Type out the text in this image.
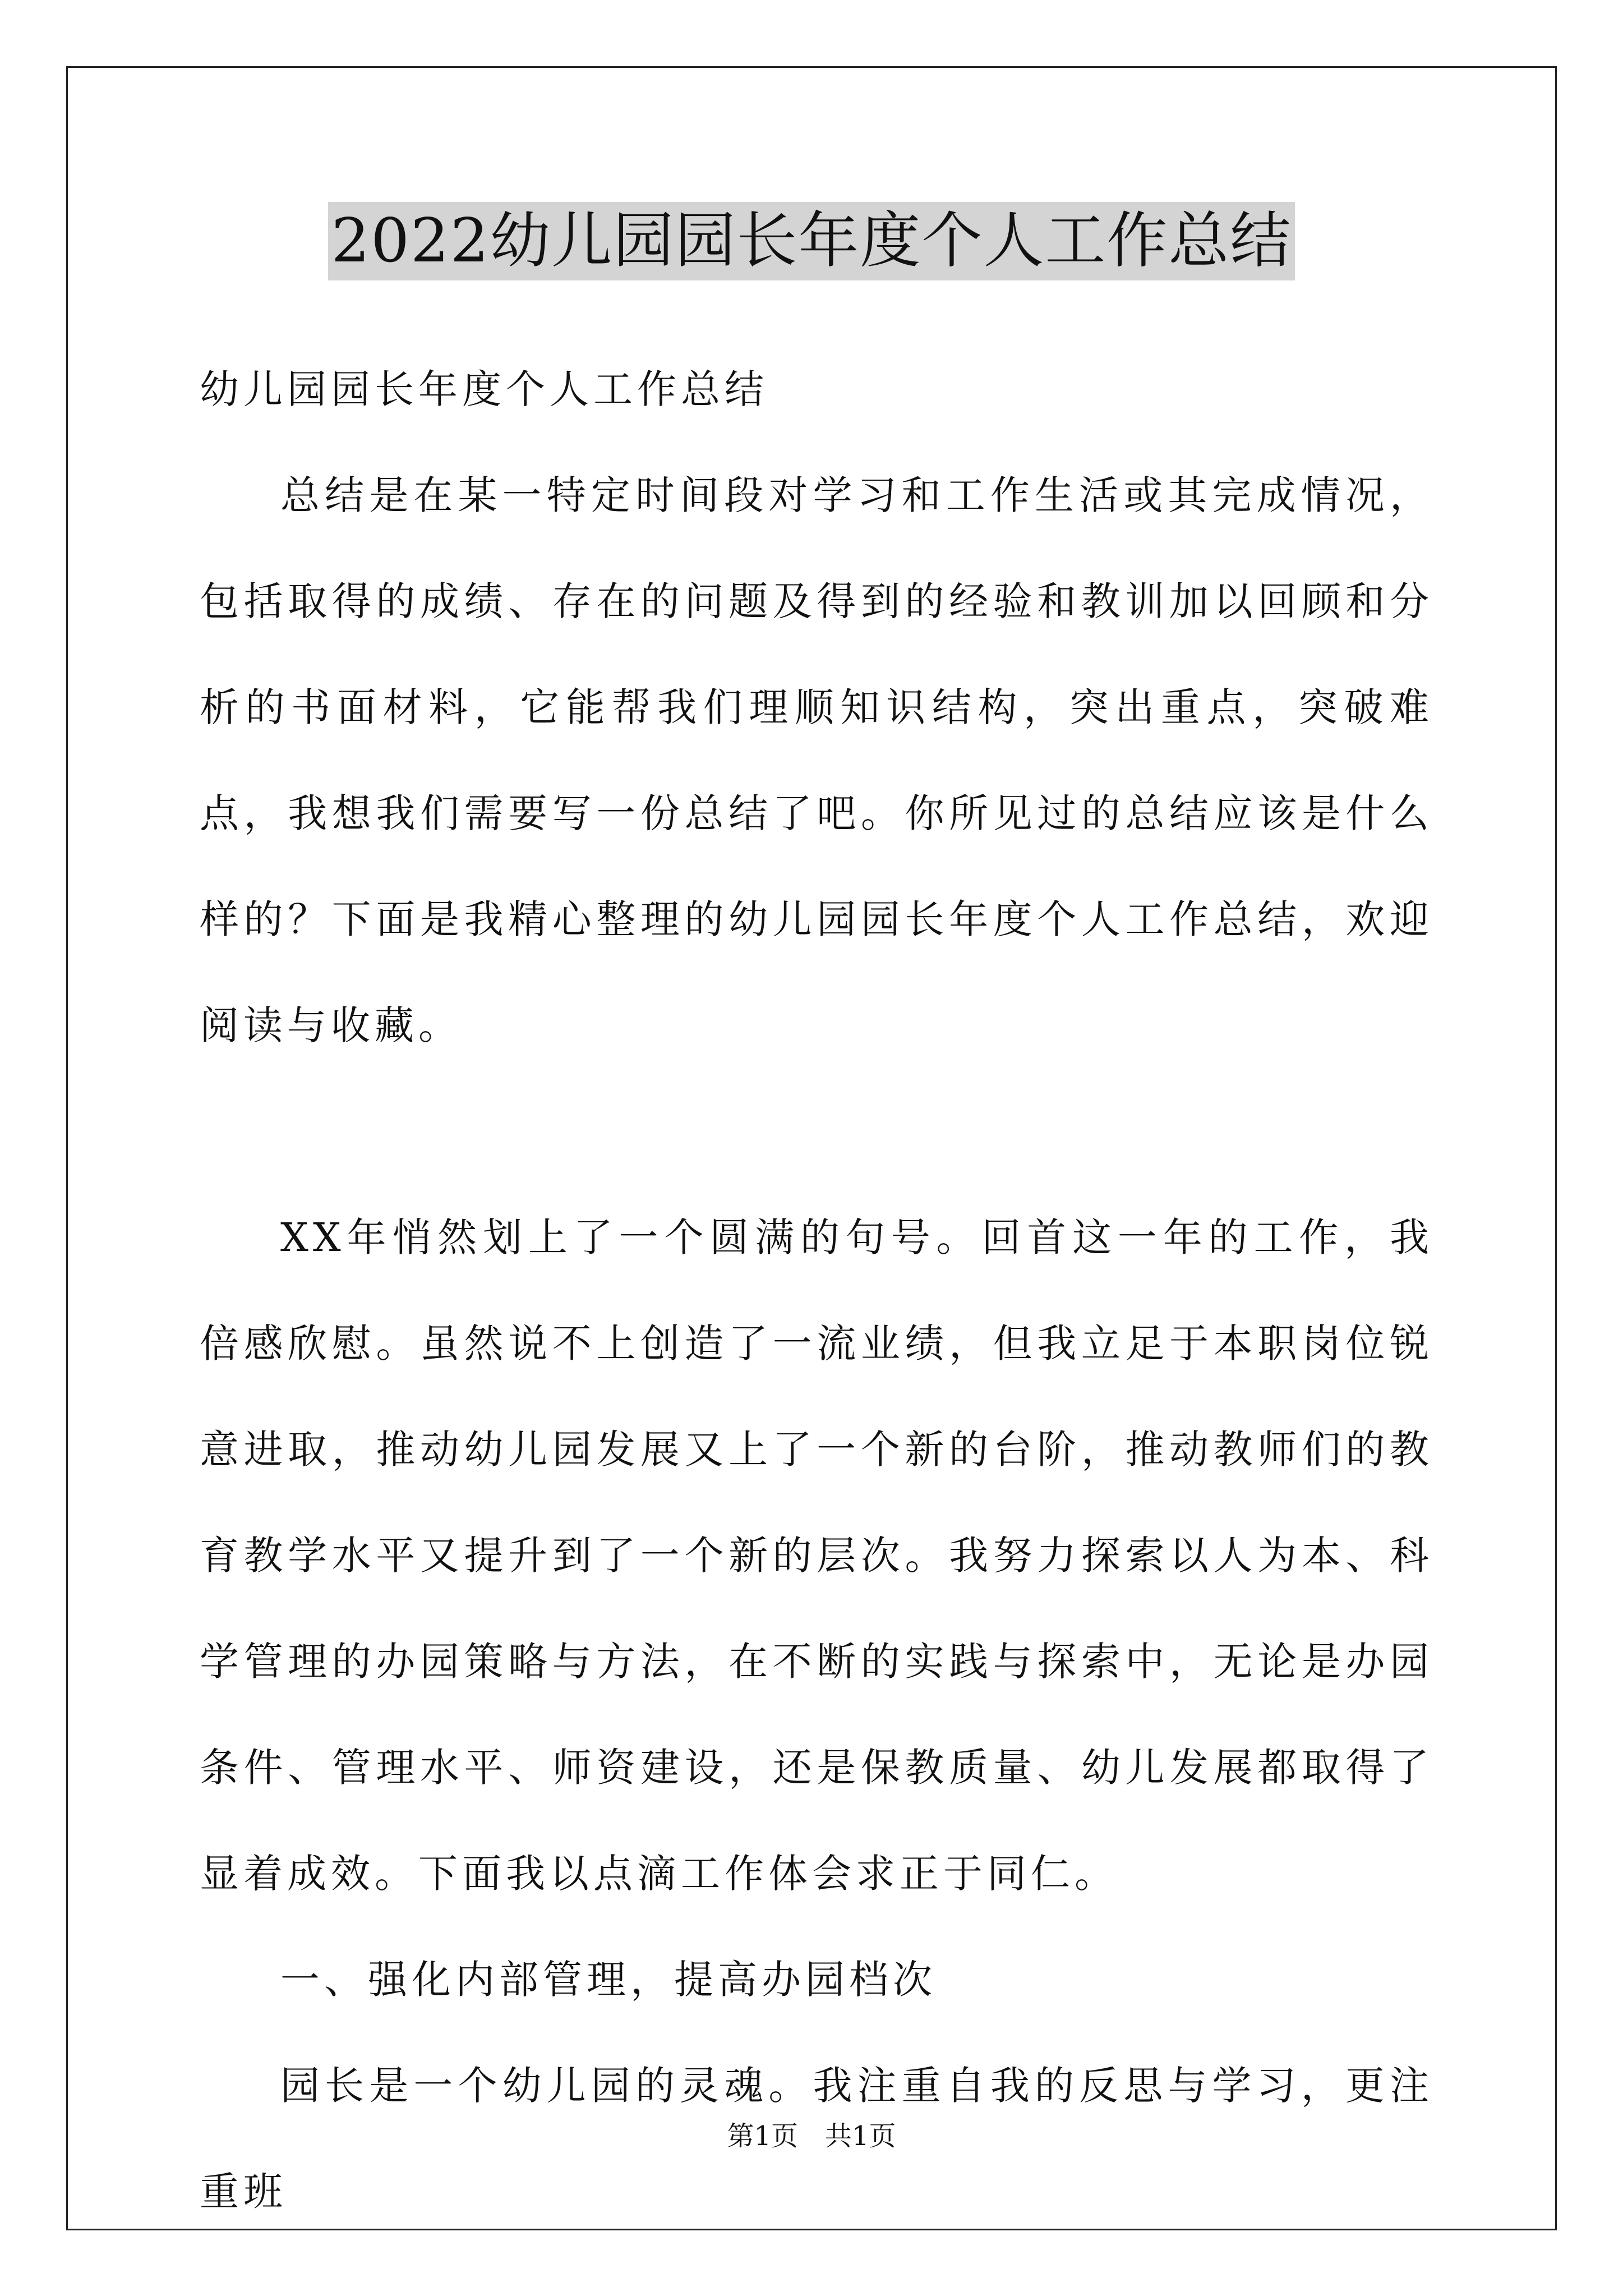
2022幼儿园园长年度个人工作总结

幼儿园园长年度个人工作总结

总结是在某一特定时间段对学习和工作生活或其完成情况，包括取得的成绩、存在的问题及得到的经验和教训加以回顾和分析的书面材料，它能帮我们理顺知识结构，突出重点，突破难点，我想我们需要写一份总结了吧。你所见过的总结应该是什么样的？下面是我精心整理的幼儿园园长年度个人工作总结，欢迎阅读与收藏。

XX年悄然划上了一个圆满的句号。回首这一年的工作，我倍感欣慰。虽然说不上创造了一流业绩，但我立足于本职岗位锐意进取，推动幼儿园发展又上了一个新的台阶，推动教师们的教育教学水平又提升到了一个新的层次。我努力探索以人为本、科学管理的办园策略与方法，在不断的实践与探索中，无论是办园条件、管理水平、师资建设，还是保教质量、幼儿发展都取得了显着成效。下面我以点滴工作体会求正于同仁。

一、强化内部管理，提高办园档次

园长是一个幼儿园的灵魂。我注重自我的反思与学习，更注重班

第1页 共1页
